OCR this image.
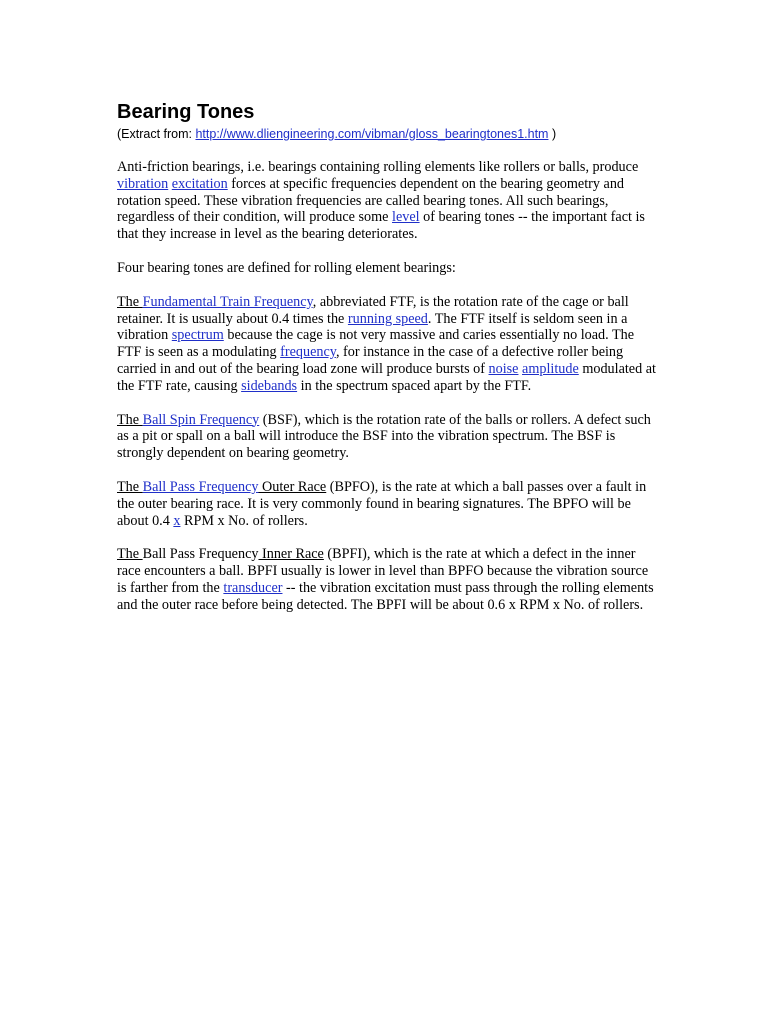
Bearing Tones

(Extract from: http://www.dliengineering.com/vibman/gloss_bearingtones1.htm )

Anti-friction bearings, i.e. bearings containing rolling elements like rollers or balls, produce vibration excitation forces at specific frequencies dependent on the bearing geometry and rotation speed. These vibration frequencies are called bearing tones. All such bearings, regardless of their condition, will produce some level of bearing tones -- the important fact is that they increase in level as the bearing deteriorates.

Four bearing tones are defined for rolling element bearings:

The Fundamental Train Frequency, abbreviated FTF, is the rotation rate of the cage or ball retainer. It is usually about 0.4 times the running speed. The FTF itself is seldom seen in a vibration spectrum because the cage is not very massive and caries essentially no load. The FTF is seen as a modulating frequency, for instance in the case of a defective roller being carried in and out of the bearing load zone will produce bursts of noise amplitude modulated at the FTF rate, causing sidebands in the spectrum spaced apart by the FTF.

The Ball Spin Frequency (BSF), which is the rotation rate of the balls or rollers. A defect such as a pit or spall on a ball will introduce the BSF into the vibration spectrum. The BSF is strongly dependent on bearing geometry.

The Ball Pass Frequency Outer Race (BPFO), is the rate at which a ball passes over a fault in the outer bearing race. It is very commonly found in bearing signatures. The BPFO will be about 0.4 x RPM x No. of rollers.

The Ball Pass Frequency Inner Race (BPFI), which is the rate at which a defect in the inner race encounters a ball. BPFI usually is lower in level than BPFO because the vibration source is farther from the transducer -- the vibration excitation must pass through the rolling elements and the outer race before being detected. The BPFI will be about 0.6 x RPM x No. of rollers.
